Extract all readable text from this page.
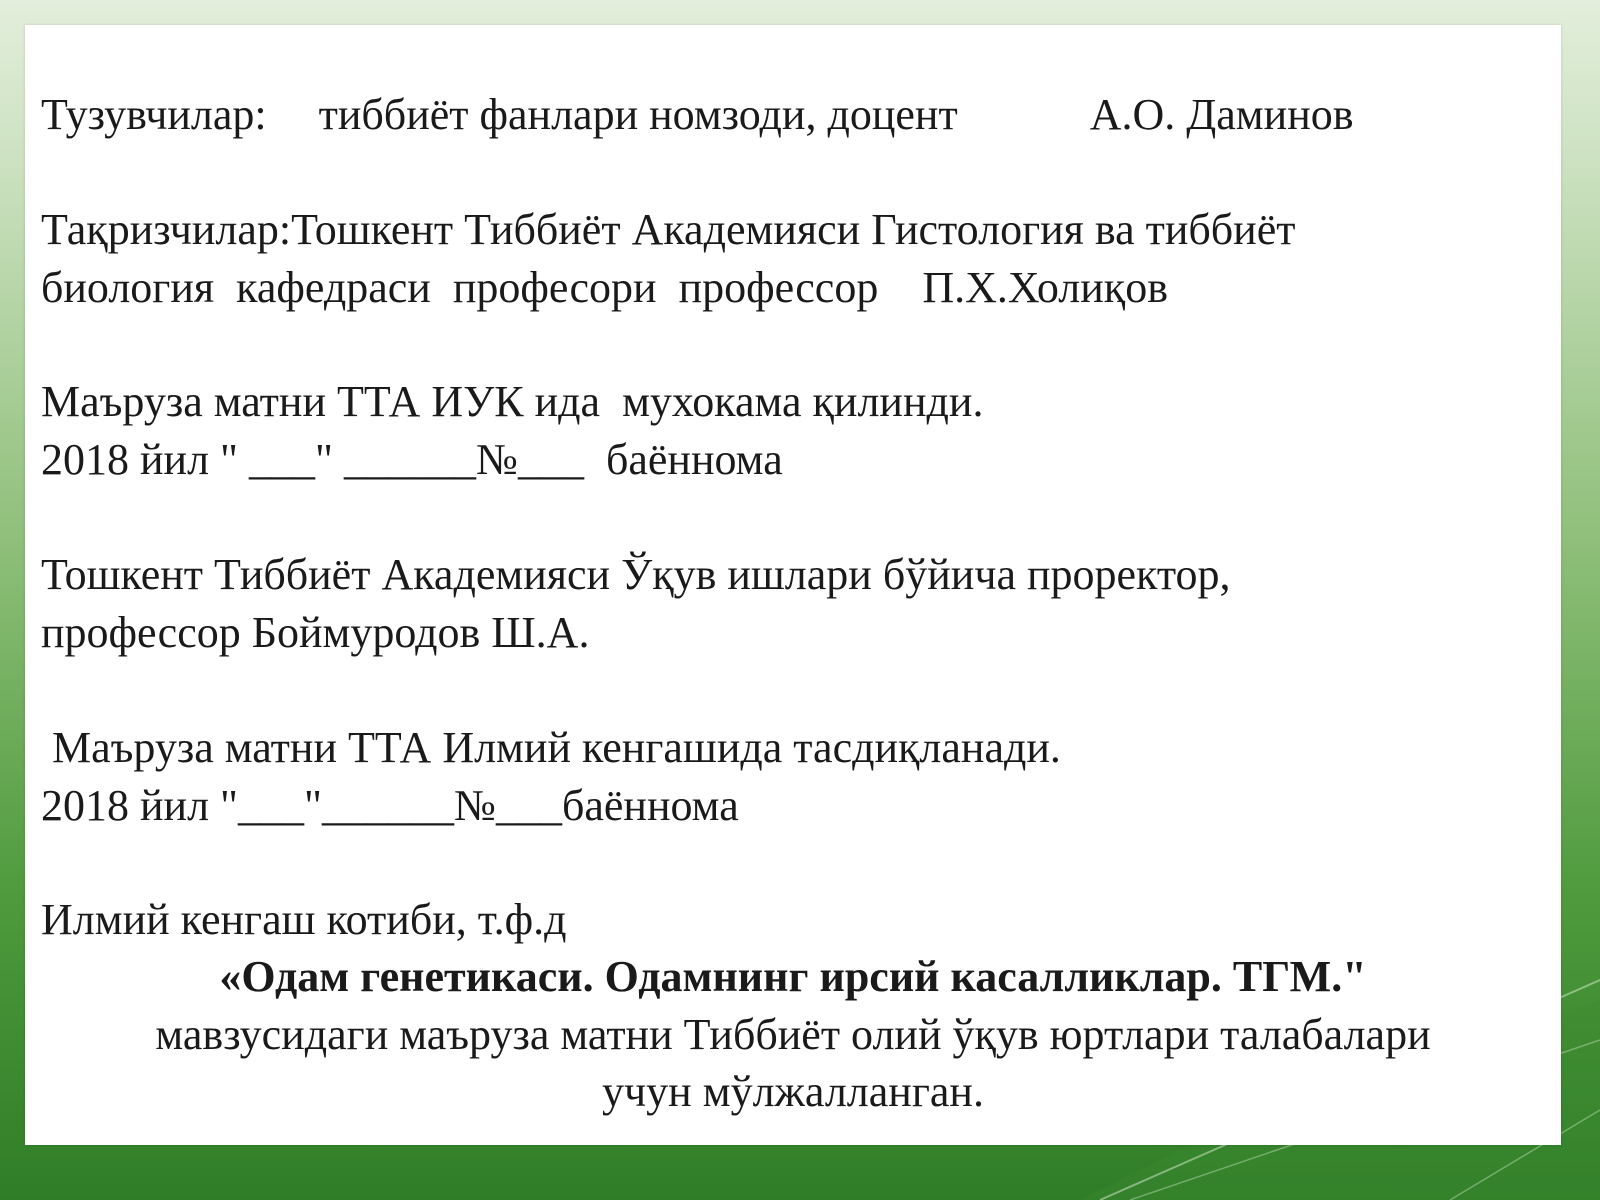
Тузувчилар: тиббиёт фанлари номзоди, доцент	А.О. Даминов

Тақризчилар:Тошкент Тиббиёт Академияси Гистология ва тиббиёт

биология  кафедраси  професори  профессор    П.Х.Холиқов

Маъруза матни ТТА ИУК ида  мухокама қилинди.

2018 йил " ___" ______№___  баённома

Тошкент Тиббиёт Академияси Ўқув ишлари бўйича проректор,

профессор Боймуродов Ш.А.

Маъруза матни ТТА Илмий кенгашида тасдиқланади.

2018 йил "___"______№___баённома

Илмий кенгаш котиби, т.ф.д

«Одам генетикаси. Одамнинг ирсий касалликлар. ТГМ."

мавзусидаги маъруза матни Тиббиёт олий ўқув юртлари талабалари

учун мўлжалланган.
